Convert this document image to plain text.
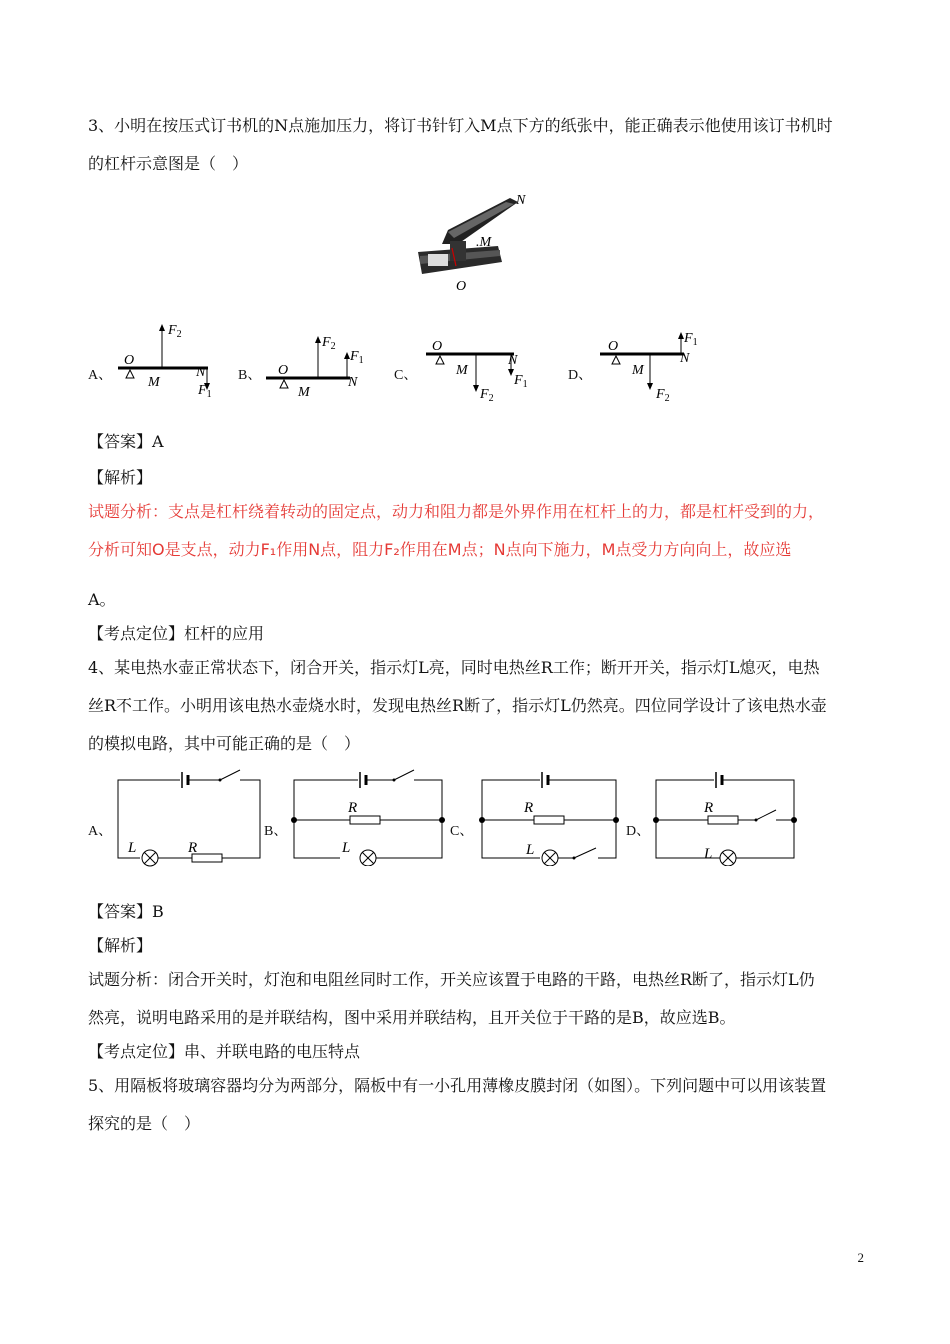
3、小明在按压式订书机的N点施加压力，将订书针钉入M点下方的纸张中，能正确表示他使用该订书机时
的杠杆示意图是（　）
N
.M
O
A、
O
M
N
$F_2$
$F_1$
B、 O
M
N
$F_2$
$F_1$
C、
O
M
N
$F_2$
$F_1$
D、
O
M
N
$F_1$
$F_2$
【答案】A
【解析】
试题分析：支点是杠杆绕着转动的固定点，动力和阻力都是外界作用在杠杆上的力，都是杠杆受到的力，
分析可知O是支点，动力F₁作用N点，阻力F₂作用在M点；N点向下施力，M点受力方向向上，故应选
A。
【考点定位】杠杆的应用
4、某电热水壶正常状态下，闭合开关，指示灯L亮，同时电热丝R工作；断开开关，指示灯L熄灭，电热
丝R不工作。小明用该电热水壶烧水时，发现电热丝R断了，指示灯L仍然亮。四位同学设计了该电热水壶
的模拟电路，其中可能正确的是（　）
A、
L	R
B、
R
L
C、
R
L
D、
R
L
【答案】B
【解析】
试题分析：闭合开关时，灯泡和电阻丝同时工作，开关应该置于电路的干路，电热丝R断了，指示灯L仍
然亮，说明电路采用的是并联结构，图中采用并联结构，且开关位于干路的是B，故应选B。
【考点定位】串、并联电路的电压特点
5、用隔板将玻璃容器均分为两部分，隔板中有一小孔用薄橡皮膜封闭（如图）。下列问题中可以用该装置
探究的是（　）
2
